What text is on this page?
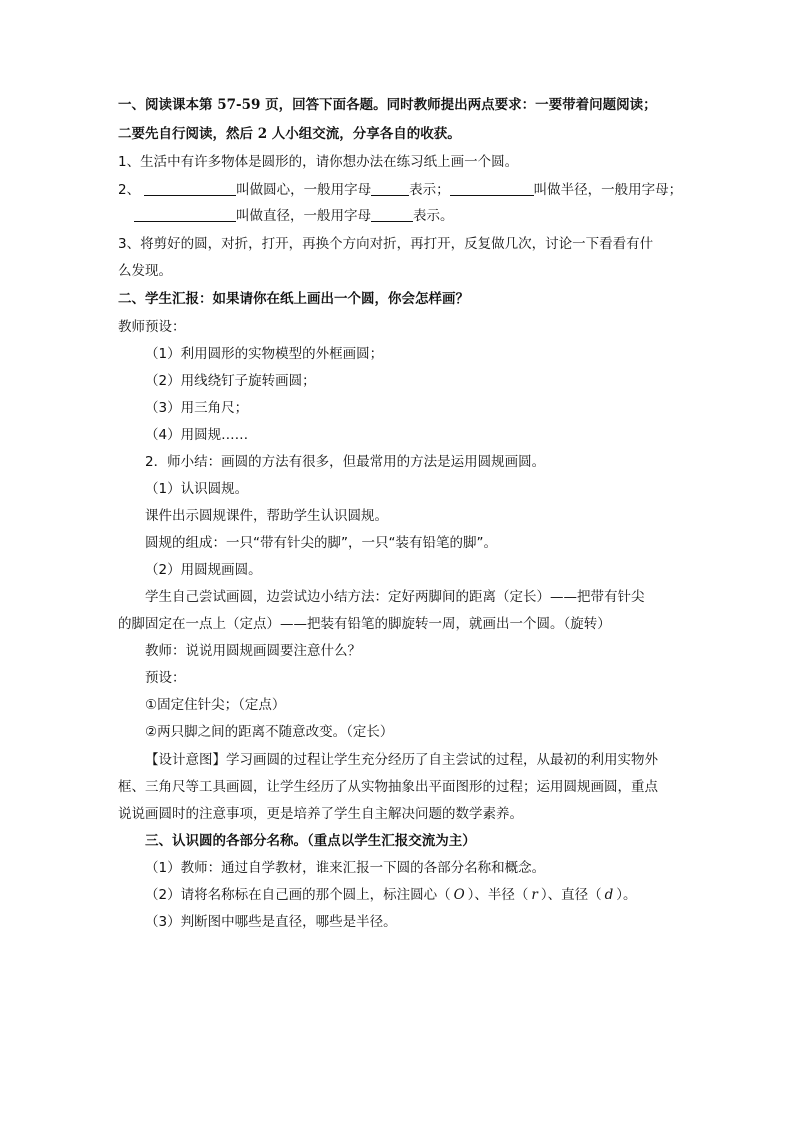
一、阅读课本第 57-59 页，回答下面各题。同时教师提出两点要求：一要带着问题阅读；
二要先自行阅读，然后 2 人小组交流，分享各自的收获。
1、生活中有许多物体是圆形的，请你想办法在练习纸上画一个圆。
2、	叫做圆心，一般用字母	表示；	叫做半径，一般用字母；
叫做直径，一般用字母	表示。
3、将剪好的圆，对折，打开，再换个方向对折，再打开，反复做几次，讨论一下看看有什
么发现。
二、学生汇报：如果请你在纸上画出一个圆，你会怎样画？
教师预设：
（1）利用圆形的实物模型的外框画圆；
（2）用线绕钉子旋转画圆；
（3）用三角尺；
（4）用圆规……
2．师小结：画圆的方法有很多，但最常用的方法是运用圆规画圆。
（1）认识圆规。
课件出示圆规课件，帮助学生认识圆规。
圆规的组成：一只“带有针尖的脚”，一只“装有铅笔的脚”。
（2）用圆规画圆。
学生自己尝试画圆，边尝试边小结方法：定好两脚间的距离（定长）——把带有针尖
的脚固定在一点上（定点）——把装有铅笔的脚旋转一周，就画出一个圆。（旋转）
教师：说说用圆规画圆要注意什么？
预设：
①固定住针尖；（定点）
②两只脚之间的距离不随意改变。（定长）
【设计意图】学习画圆的过程让学生充分经历了自主尝试的过程，从最初的利用实物外
框、三角尺等工具画圆，让学生经历了从实物抽象出平面图形的过程；运用圆规画圆，重点
说说画圆时的注意事项，更是培养了学生自主解决问题的数学素养。
三、认识圆的各部分名称。（重点以学生汇报交流为主）
（1）教师：通过自学教材，谁来汇报一下圆的各部分名称和概念。
（2）请将名称标在自己画的那个圆上，标注圆心（ O ）、半径（ r ）、直径（ d ）。
（3）判断图中哪些是直径，哪些是半径。
